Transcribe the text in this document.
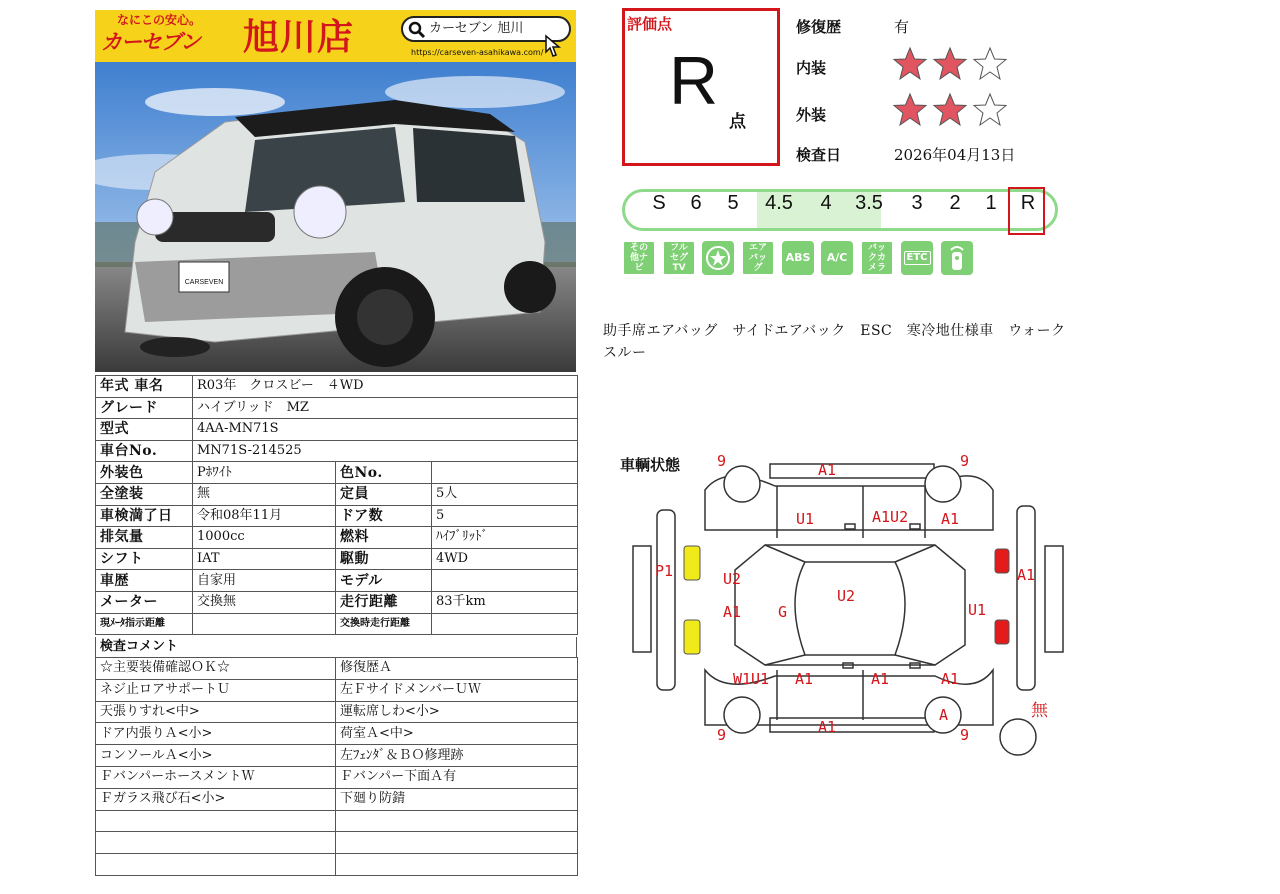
なにこの安心。
カーセブン 旭川店	カーセブン 旭川
https://carseven-asahikawa.com/
CARSEVEN
年式 車名	R03年　クロスビー　４WD		
グレード	ハイブリッド　MZ		
型式	4AA-MN71S		
車台No.	MN71S-214525		
外装色	Pﾎﾜｲﾄ	色No.	
全塗装	無	定員	5人
車検満了日	令和08年11月	ドア数	5
排気量	1000cc	燃料	ﾊｲﾌﾞﾘｯﾄﾞ
シフト	IAT	駆動	4WD
車歴	自家用	モデル	
メーター	交換無	走行距離	83千km
現ﾒｰﾀ指示距離		交換時走行距離	
検査コメント
☆主要装備確認ＯＫ☆	修復歴Ａ
ネジ止ロアサポートＵ	左ＦサイドメンバーＵＷ
天張りすれ<中>	運転席しわ<小>
ドア内張りＡ<小>	荷室Ａ<中>
コンソールＡ<小>	左ﾌｪﾝﾀﾞ＆ＢＯ修理跡
ＦバンパーホースメントＷ	Ｆバンパー下面Ａ有
Ｆガラス飛び石<小>	下廻り防錆

評価点
R
点
修復歴	有
内装
外装
検査日	2026年04月13日
S	6	5	4.5	4	3.5	3	2	1	R
その他ナビ
フルセグTV
エアバッグ
ABS A/C
バックカメラ
ETC
助手席エアバッグ　サイドエアバック　ESC　寒冷地仕様車　ウォークスルー
車輌状態 9	9
A1
U1	A1U2 A1
P1	U2
A1 G
U2
A1
U1
W1U1 A1	A1	A1
A1
A
9	9
無
